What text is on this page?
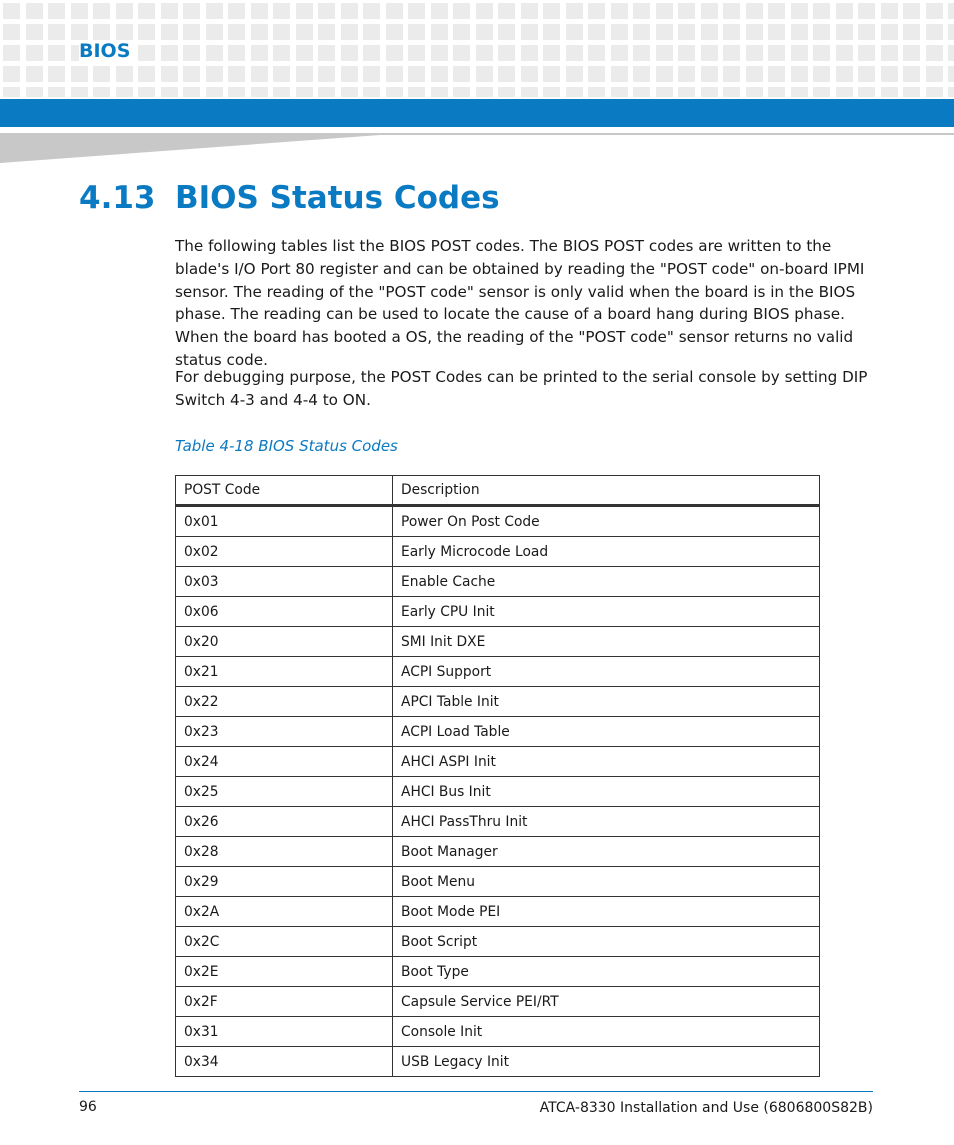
BIOS
4.13 BIOS Status Codes
The following tables list the BIOS POST codes. The BIOS POST codes are written to the blade's I/O Port 80 register and can be obtained by reading the "POST code" on-board IPMI sensor. The reading of the "POST code" sensor is only valid when the board is in the BIOS phase. The reading can be used to locate the cause of a board hang during BIOS phase. When the board has booted a OS, the reading of the "POST code" sensor returns no valid status code.
For debugging purpose, the POST Codes can be printed to the serial console by setting DIP Switch 4-3 and 4-4 to ON.
Table 4-18 BIOS Status Codes
POST Code	Description
0x01	Power On Post Code
0x02	Early Microcode Load
0x03	Enable Cache
0x06	Early CPU Init
0x20	SMI Init DXE
0x21	ACPI Support
0x22	APCI Table Init
0x23	ACPI Load Table
0x24	AHCI ASPI Init
0x25	AHCI Bus Init
0x26	AHCI PassThru Init
0x28	Boot Manager
0x29	Boot Menu
0x2A	Boot Mode PEI
0x2C	Boot Script
0x2E	Boot Type
0x2F	Capsule Service PEI/RT
0x31	Console Init
0x34	USB Legacy Init
96	ATCA-8330 Installation and Use (6806800S82B)
